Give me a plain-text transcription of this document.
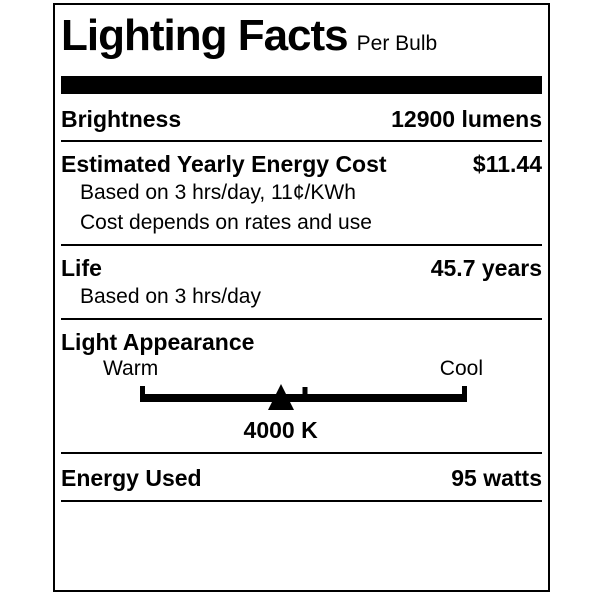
Lighting Facts Per Bulb
Brightness	12900 lumens
Estimated Yearly Energy Cost	$11.44
Based on 3 hrs/day, 11¢/KWh
Cost depends on rates and use
Life	45.7 years
Based on 3 hrs/day
Light Appearance
Warm	Cool
4000 K
Energy Used	95 watts
